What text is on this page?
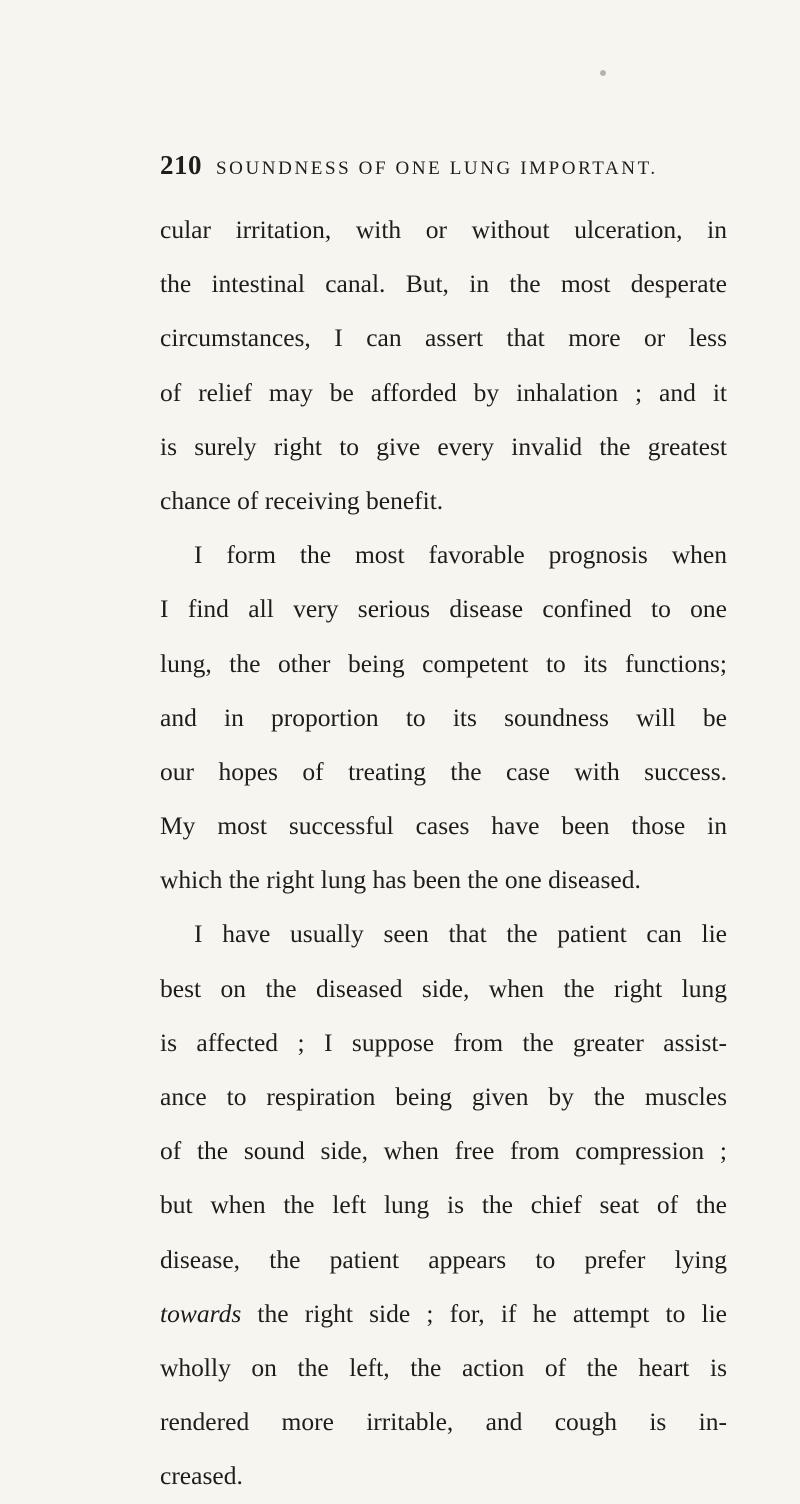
210 SOUNDNESS OF ONE LUNG IMPORTANT.
cular irritation, with or without ulceration, in
the intestinal canal. But, in the most desperate
circumstances, I can assert that more or less
of relief may be afforded by inhalation ; and it
is surely right to give every invalid the greatest
chance of receiving benefit.
I form the most favorable prognosis when
I find all very serious disease confined to one
lung, the other being competent to its functions;
and in proportion to its soundness will be
our hopes of treating the case with success.
My most successful cases have been those in
which the right lung has been the one diseased.
I have usually seen that the patient can lie
best on the diseased side, when the right lung
is affected ; I suppose from the greater assist-
ance to respiration being given by the muscles
of the sound side, when free from compression ;
but when the left lung is the chief seat of the
disease, the patient appears to prefer lying
towards the right side ; for, if he attempt to lie
wholly on the left, the action of the heart is
rendered more irritable, and cough is in-
creased.
